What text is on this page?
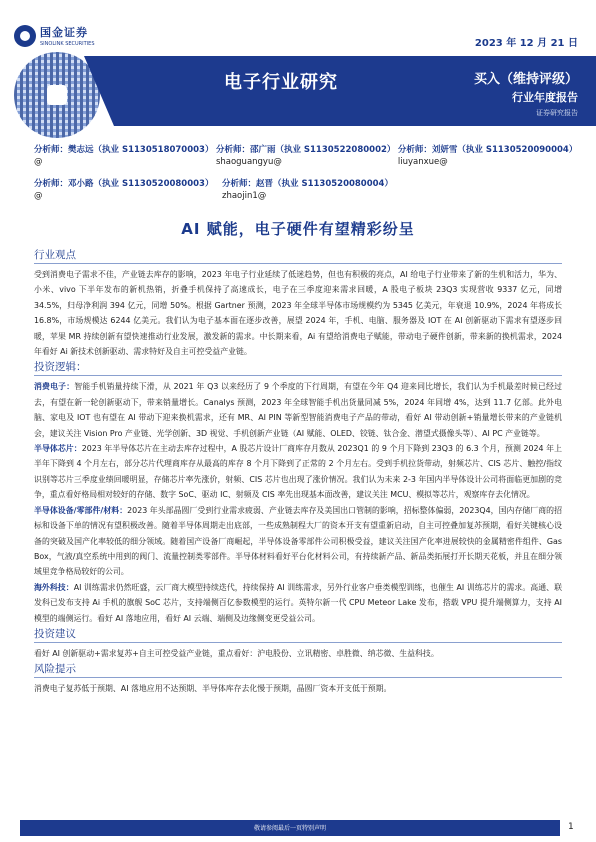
国金证券
SINOLINK SECURITIES	2023 年 12 月 21 日
电子行业研究	买入（维持评级）
行业年度报告
证券研究报告
分析师：樊志远（执业 S1130518070003）
@
分析师：邵广雨（执业 S1130522080002）
shaoguangyu@
分析师：刘妍雪（执业 S1130520090004）
liuyanxue@
分析师：邓小路（执业 S1130520080003）
@
分析师：赵晋（执业 S1130520080004）
zhaojin1@
AI 赋能，电子硬件有望精彩纷呈
行业观点

受到消费电子需求不佳，产业链去库存的影响，2023 年电子行业延续了低迷趋势，但也有积极的亮点，AI 给电子行业带来了新的生机和活力，华为、小米、vivo 下半年发布的新机热销，折叠手机保持了高速成长，电子在三季度迎来需求回暖，A 股电子板块 23Q3 实现营收 9337 亿元，同增 34.5%，归母净利润 394 亿元，同增 50%。根据 Gartner 预测，2023 年全球半导体市场规模约为 5345 亿美元，年衰退 10.9%，2024 年将成长 16.8%，市场规模达 6244 亿美元。我们认为电子基本面在逐步改善，展望 2024 年，手机、电脑、服务器及 IOT 在 AI 创新驱动下需求有望逐步回暖，苹果 MR 持续创新有望快速推动行业发展，激发新的需求。中长期来看，Ai 有望给消费电子赋能，带动电子硬件创新，带来新的换机需求，2024 年看好 Ai 新技术创新驱动、需求特好及自主可控受益产业链。

投资逻辑：

消费电子：智能手机销量持续下滑，从 2021 年 Q3 以来经历了 9 个季度的下行周期，有望在今年 Q4 迎来同比增长，我们认为手机最差时候已经过去，有望在新一轮创新驱动下，带来销量增长。Canalys 预测，2023 年全球智能手机出货量同减 5%，2024 年同增 4%，达到 11.7 亿部。此外电脑、家电及 IOT 也有望在 AI 带动下迎来换机需求，还有 MR、AI PIN 等新型智能消费电子产品的带动，看好 AI 带动创新+销量增长带来的产业链机会，建议关注 Vision Pro 产业链、光学创新、3D 视觉、手机创新产业链（AI 赋能、OLED、铰链、钛合金、潜望式摄像头等）、AI PC 产业链等。

半导体芯片：2023 年半导体芯片在主动去库存过程中，A 股芯片设计厂商库存月数从 2023Q1 的 9 个月下降到 23Q3 的 6.3 个月，预测 2024 年上半年下降到 4 个月左右，部分芯片代理商库存从最高的库存 8 个月下降到了正常的 2 个月左右。受到手机拉货带动，射频芯片、CIS 芯片、触控/指纹识别等芯片三季度业绩回暖明显，存储芯片率先涨价，射频、CIS 芯片也出现了涨价情况。我们认为未来 2-3 年国内半导体设计公司将面临更加剧的竞争，重点看好格局相对较好的存储、数字 SoC、驱动 IC、射频及 CIS 率先出现基本面改善，建议关注 MCU、模拟等芯片，观察库存去化情况。

半导体设备/零部件/材料：2023 年头部晶圆厂受到行业需求疲弱、产业链去库存及美国出口管制的影响，招标整体偏弱，2023Q4，国内存储厂商的招标和设备下单的情况有望积极改善。随着半导体周期走出底部，一些成熟制程大厂的资本开支有望重新启动，自主可控叠加复苏预期，看好关键核心设备的突破及国产化率较低的细分领域。随着国产设备厂商崛起，半导体设备零部件公司积极受益，建议关注国产化率进展较快的金属精密件组件、Gas Box，气液/真空系统中用到的阀门、流量控制类零部件。半导体材料看好平台化材料公司，有持续新产品、新品类拓展打开长期天花板，并且在细分领域里竞争格局较好的公司。

海外科技：AI 训练需求仍然旺盛，云厂商大模型持续迭代，持续保持 AI 训练需求，另外行业客户垂类模型训练，也催生 AI 训练芯片的需求。高通、联发科已发布支持 Ai 手机的旗舰 SoC 芯片，支持端侧百亿参数模型的运行。英特尔新一代 CPU Meteor Lake 发布，搭载 VPU 提升端侧算力，支持 AI 模型的端侧运行。看好 AI 落地应用，看好 AI 云端、端侧及边缘侧变更受益公司。

投资建议

看好 AI 创新驱动+需求复苏+自主可控受益产业链，重点看好：沪电股份、立讯精密、卓胜微、纳芯微、生益科技。

风险提示

消费电子复苏低于预期、AI 落地应用不达预期、半导体库存去化慢于预期，晶圆厂资本开支低于预期。

敬请参阅最后一页特别声明	1
